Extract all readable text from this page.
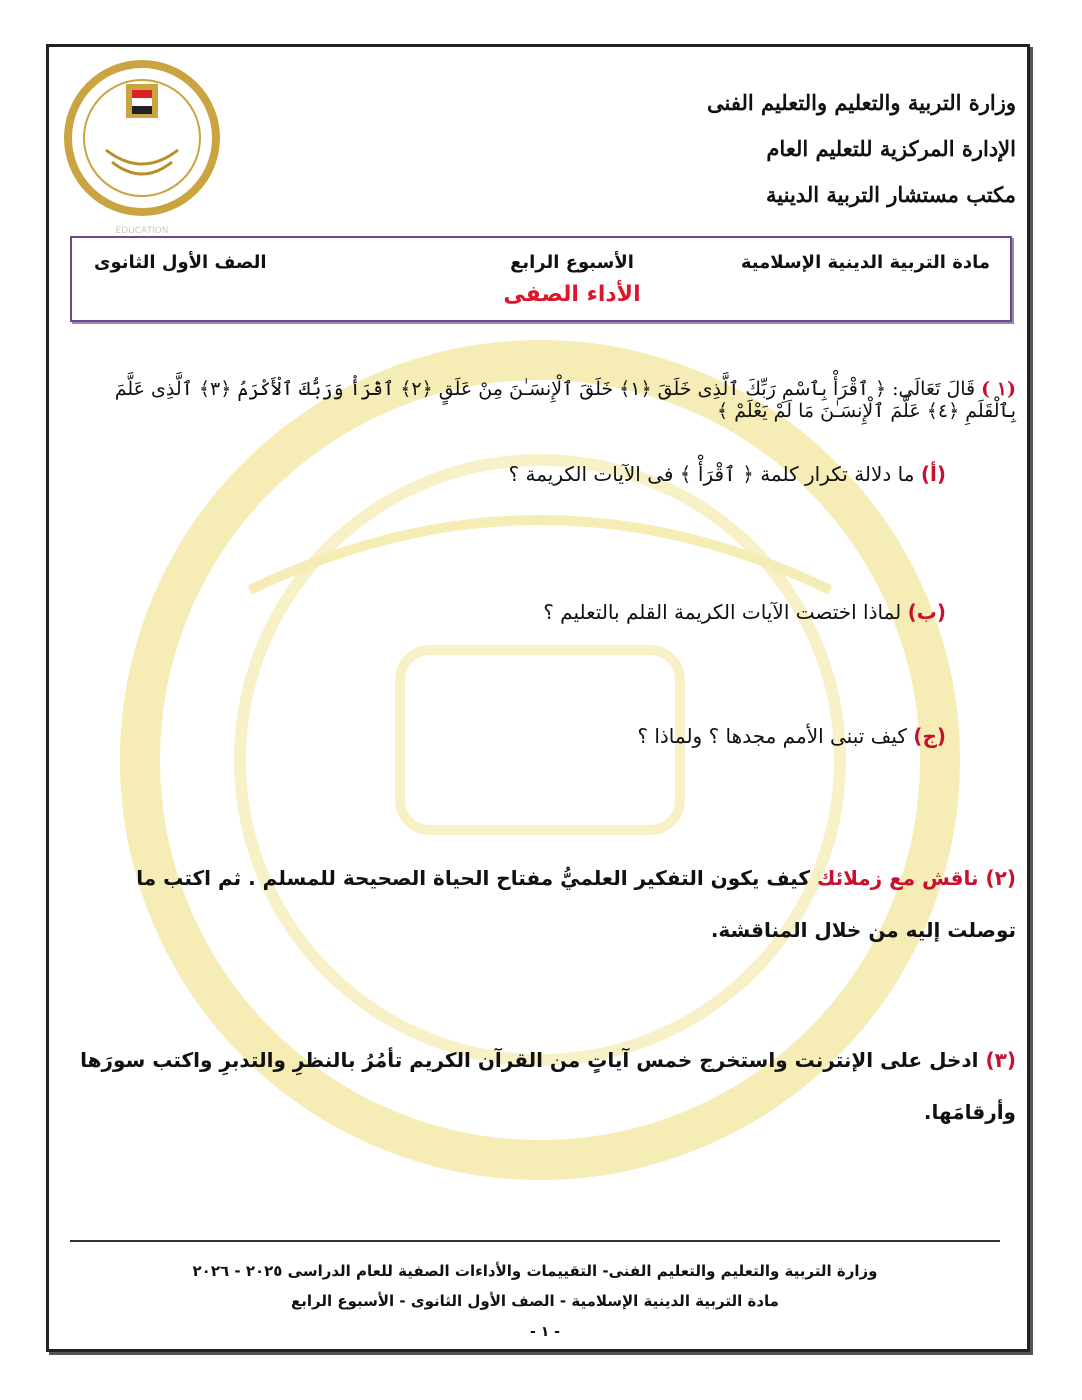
EDUCATION
وزارة التربية والتعليم والتعليم الفنى
الإدارة المركزية للتعليم العام
مكتب مستشار التربية الدينية
مادة التربية الدينية الإسلامية
الأسبوع الرابع
الصف الأول الثانوى
الأداء الصفى
(١ ) قَالَ تَعَالَى: ﴿ ٱقْرَأْ بِٱسْمِ رَبِّكَ ٱلَّذِى خَلَقَ ﴿١﴾ خَلَقَ ٱلْإِنسَـٰنَ مِنْ عَلَقٍ ﴿٢﴾ ٱقْرَأْ وَرَبُّكَ ٱلْأَكْرَمُ ﴿٣﴾ ٱلَّذِى عَلَّمَ بِٱلْقَلَمِ ﴿٤﴾ عَلَّمَ ٱلْإِنسَـٰنَ مَا لَمْ يَعْلَمْ ﴾
(أ) ما دلالة تكرار كلمة ﴿ ٱقْرَأْ ﴾ فى الآيات الكريمة ؟
(ب) لماذا اختصت الآيات الكريمة القلم بالتعليم ؟
(ج) كيف تبنى الأمم مجدها ؟ ولماذا ؟
(٢) ناقش مع زملائك كيف يكون التفكير العلميُّ مفتاح الحياة الصحيحة للمسلم . ثم اكتب ما توصلت إليه من خلال المناقشة.
(٣) ادخل على الإنترنت واستخرج خمس آياتٍ من القرآن الكريم تأمُرُ بالنظرِ والتدبرِ واكتب سورَها وأرقامَها.
وزارة التربية والتعليم والتعليم الفنى- التقييمات والأداءات الصفية للعام الدراسى ٢٠٢٥ - ٢٠٢٦
مادة التربية الدينية الإسلامية - الصف الأول الثانوى - الأسبوع الرابع
- ١ -
